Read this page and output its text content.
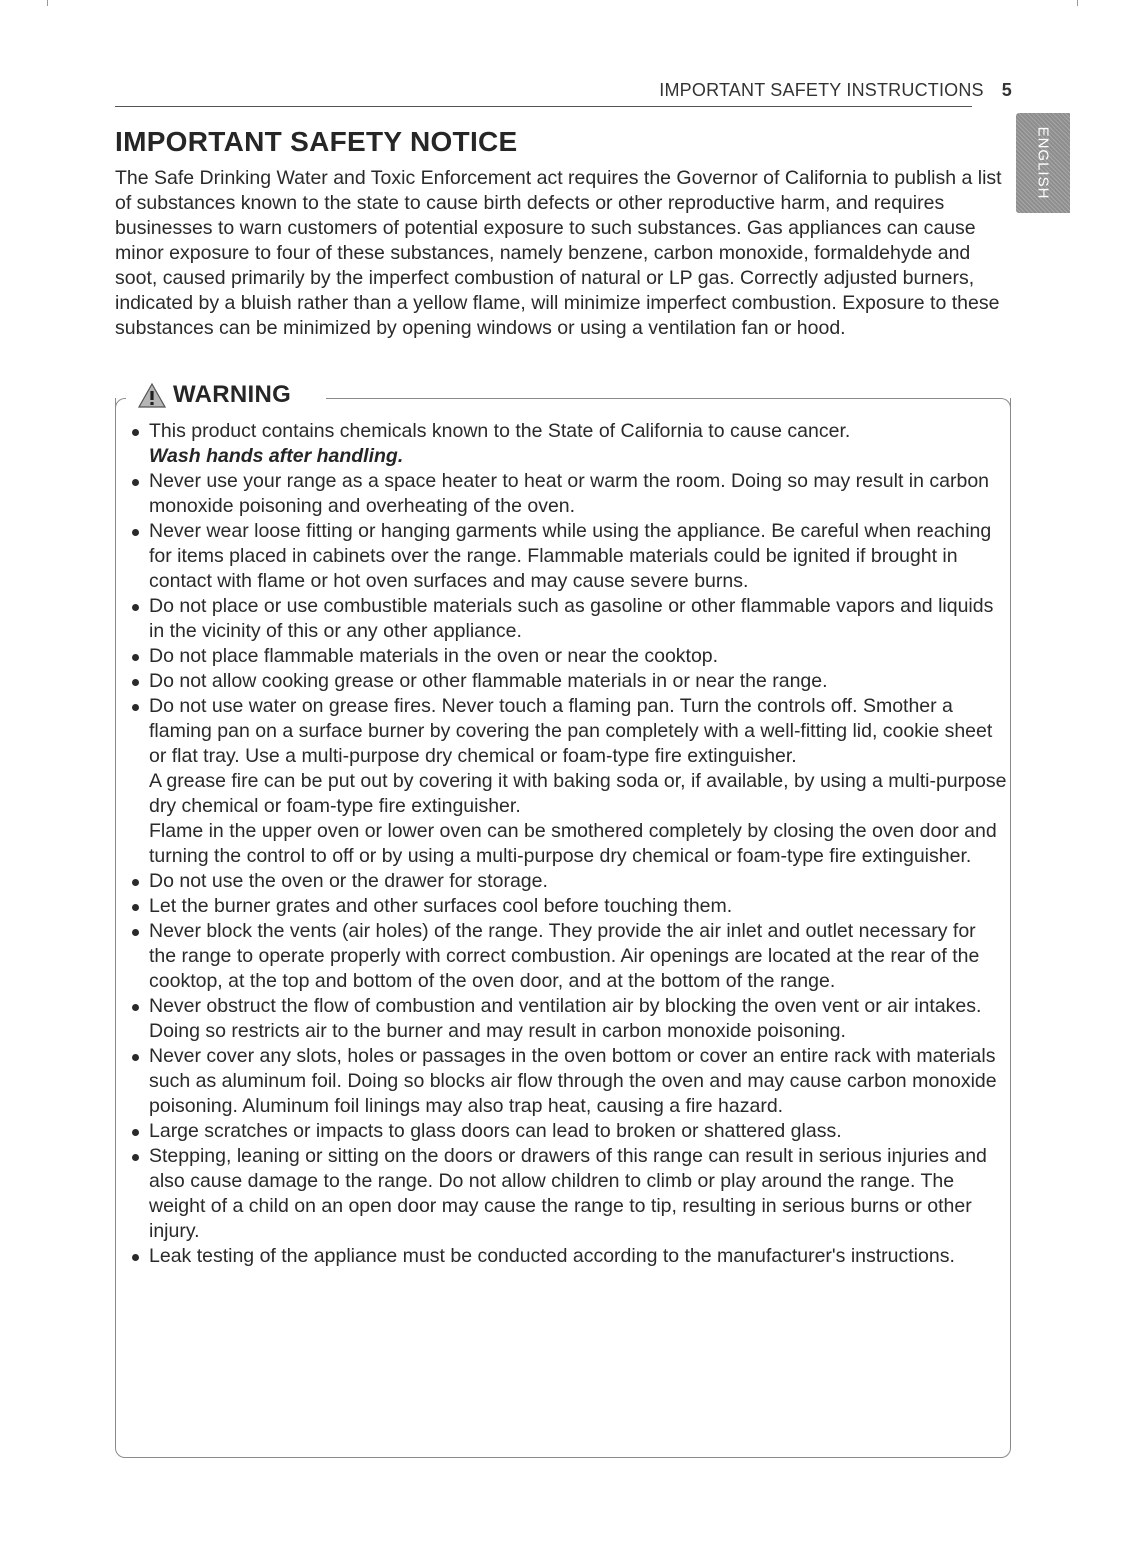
IMPORTANT SAFETY INSTRUCTIONS 5
ENGLISH
IMPORTANT SAFETY NOTICE

The Safe Drinking Water and Toxic Enforcement act requires the Governor of California to publish a list of substances known to the state to cause birth defects or other reproductive harm, and requires businesses to warn customers of potential exposure to such substances. Gas appliances can cause minor exposure to four of these substances, namely benzene, carbon monoxide, formaldehyde and soot, caused primarily by the imperfect combustion of natural or LP gas. Correctly adjusted burners, indicated by a bluish rather than a yellow flame, will minimize imperfect combustion. Exposure to these substances can be minimized by opening windows or using a ventilation fan or hood.

WARNING

This product contains chemicals known to the State of California to cause cancer.

Wash hands after handling.

Never use your range as a space heater to heat or warm the room. Doing so may result in carbon monoxide poisoning and overheating of the oven.

Never wear loose fitting or hanging garments while using the appliance. Be careful when reaching for items placed in cabinets over the range. Flammable materials could be ignited if brought in contact with flame or hot oven surfaces and may cause severe burns.

Do not place or use combustible materials such as gasoline or other flammable vapors and liquids in the vicinity of this or any other appliance.

Do not place flammable materials in the oven or near the cooktop.

Do not allow cooking grease or other flammable materials in or near the range.

Do not use water on grease fires. Never touch a flaming pan. Turn the controls off. Smother a flaming pan on a surface burner by covering the pan completely with a well-fitting lid, cookie sheet or flat tray. Use a multi-purpose dry chemical or foam-type fire extinguisher.

A grease fire can be put out by covering it with baking soda or, if available, by using a multi-purpose dry chemical or foam-type fire extinguisher.

Flame in the upper oven or lower oven can be smothered completely by closing the oven door and turning the control to off or by using a multi-purpose dry chemical or foam-type fire extinguisher.

Do not use the oven or the drawer for storage.

Let the burner grates and other surfaces cool before touching them.

Never block the vents (air holes) of the range. They provide the air inlet and outlet necessary for the range to operate properly with correct combustion. Air openings are located at the rear of the cooktop, at the top and bottom of the oven door, and at the bottom of the range.

Never obstruct the flow of combustion and ventilation air by blocking the oven vent or air intakes. Doing so restricts air to the burner and may result in carbon monoxide poisoning.

Never cover any slots, holes or passages in the oven bottom or cover an entire rack with materials such as aluminum foil. Doing so blocks air flow through the oven and may cause carbon monoxide poisoning. Aluminum foil linings may also trap heat, causing a fire hazard.

Large scratches or impacts to glass doors can lead to broken or shattered glass.

Stepping, leaning or sitting on the doors or drawers of this range can result in serious injuries and also cause damage to the range. Do not allow children to climb or play around the range. The weight of a child on an open door may cause the range to tip, resulting in serious burns or other injury.

Leak testing of the appliance must be conducted according to the manufacturer's instructions.
